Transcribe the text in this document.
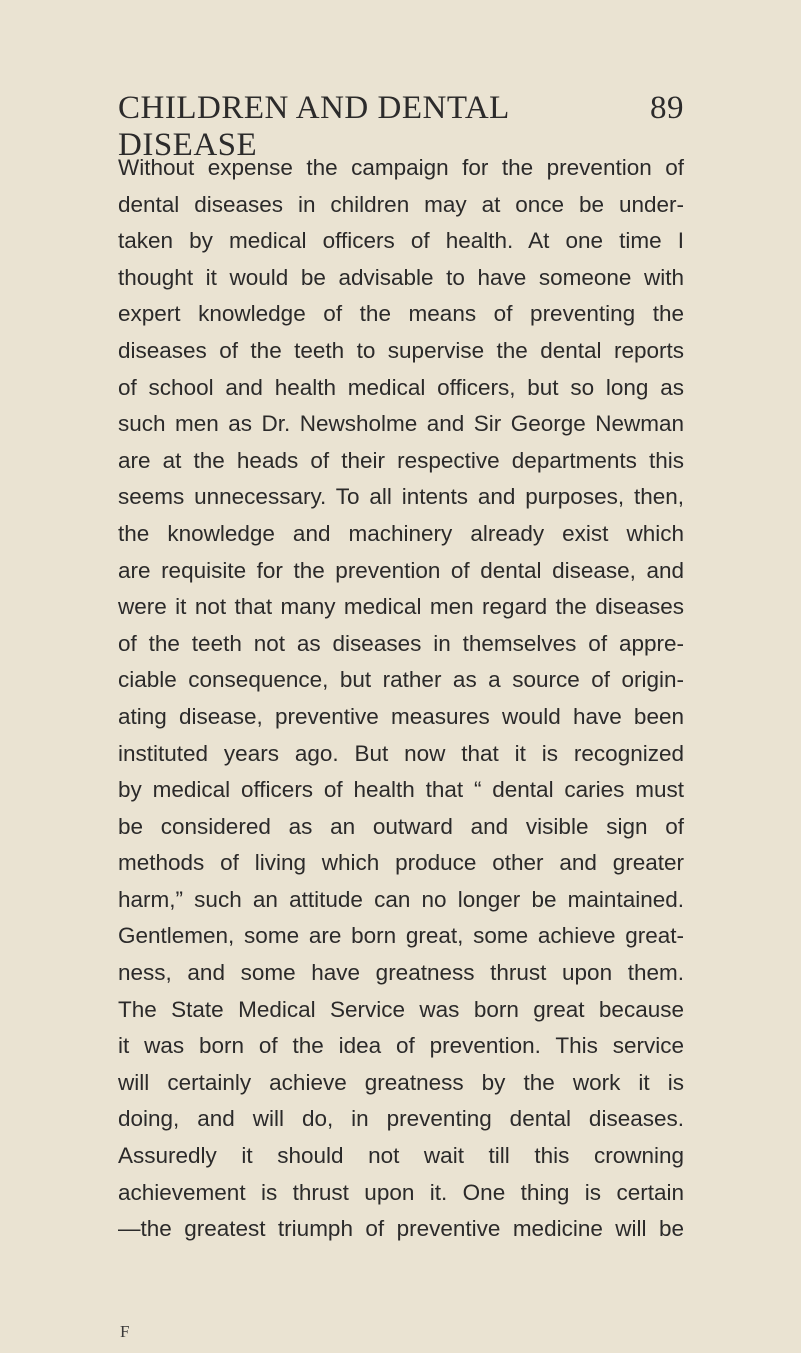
CHILDREN AND DENTAL DISEASE
89
Without expense the campaign for the prevention of
dental diseases in children may at once be under-
taken by medical officers of health. At one time I
thought it would be advisable to have someone with
expert knowledge of the means of preventing the
diseases of the teeth to supervise the dental reports
of school and health medical officers, but so long as
such men as Dr. Newsholme and Sir George Newman
are at the heads of their respective departments this
seems unnecessary. To all intents and purposes, then,
the knowledge and machinery already exist which
are requisite for the prevention of dental disease, and
were it not that many medical men regard the diseases
of the teeth not as diseases in themselves of appre-
ciable consequence, but rather as a source of origin-
ating disease, preventive measures would have been
instituted years ago. But now that it is recognized
by medical officers of health that “ dental caries must
be considered as an outward and visible sign of
methods of living which produce other and greater
harm,” such an attitude can no longer be maintained.
Gentlemen, some are born great, some achieve great-
ness, and some have greatness thrust upon them.
The State Medical Service was born great because
it was born of the idea of prevention. This service
will certainly achieve greatness by the work it is
doing, and will do, in preventing dental diseases.
Assuredly it should not wait till this crowning
achievement is thrust upon it. One thing is certain
—the greatest triumph of preventive medicine will be
F
